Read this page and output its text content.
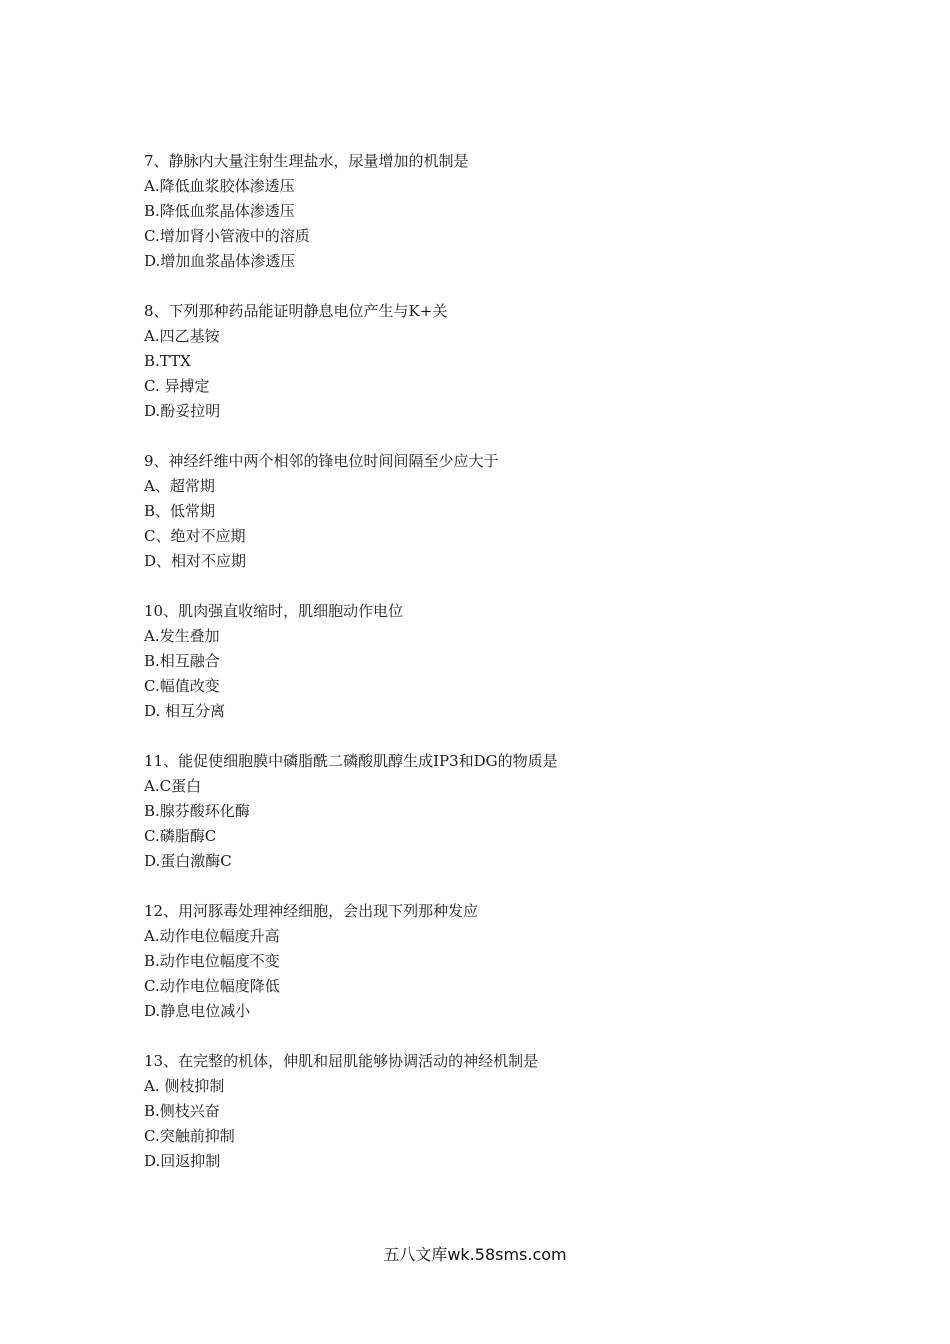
7、静脉内大量注射生理盐水，尿量增加的机制是
A.降低血浆胶体渗透压
B.降低血浆晶体渗透压
C.增加肾小管液中的溶质
D.增加血浆晶体渗透压
8、下列那种药品能证明静息电位产生与K+关
A.四乙基铵
B.TTX
C. 异搏定
D.酚妥拉明
9、神经纤维中两个相邻的锋电位时间间隔至少应大于
A、超常期
B、低常期
C、绝对不应期
D、相对不应期
10、肌肉强直收缩时，肌细胞动作电位
A.发生叠加
B.相互融合
C.幅值改变
D. 相互分离
11、能促使细胞膜中磷脂酰二磷酸肌醇生成IP3和DG的物质是
A.C蛋白
B.腺芬酸环化酶
C.磷脂酶C
D.蛋白激酶C
12、用河豚毒处理神经细胞，会出现下列那种发应
A.动作电位幅度升高
B.动作电位幅度不变
C.动作电位幅度降低
D.静息电位减小
13、在完整的机体，伸肌和屈肌能够协调活动的神经机制是
A. 侧枝抑制
B.侧枝兴奋
C.突触前抑制
D.回返抑制
五八文库wk.58sms.com
